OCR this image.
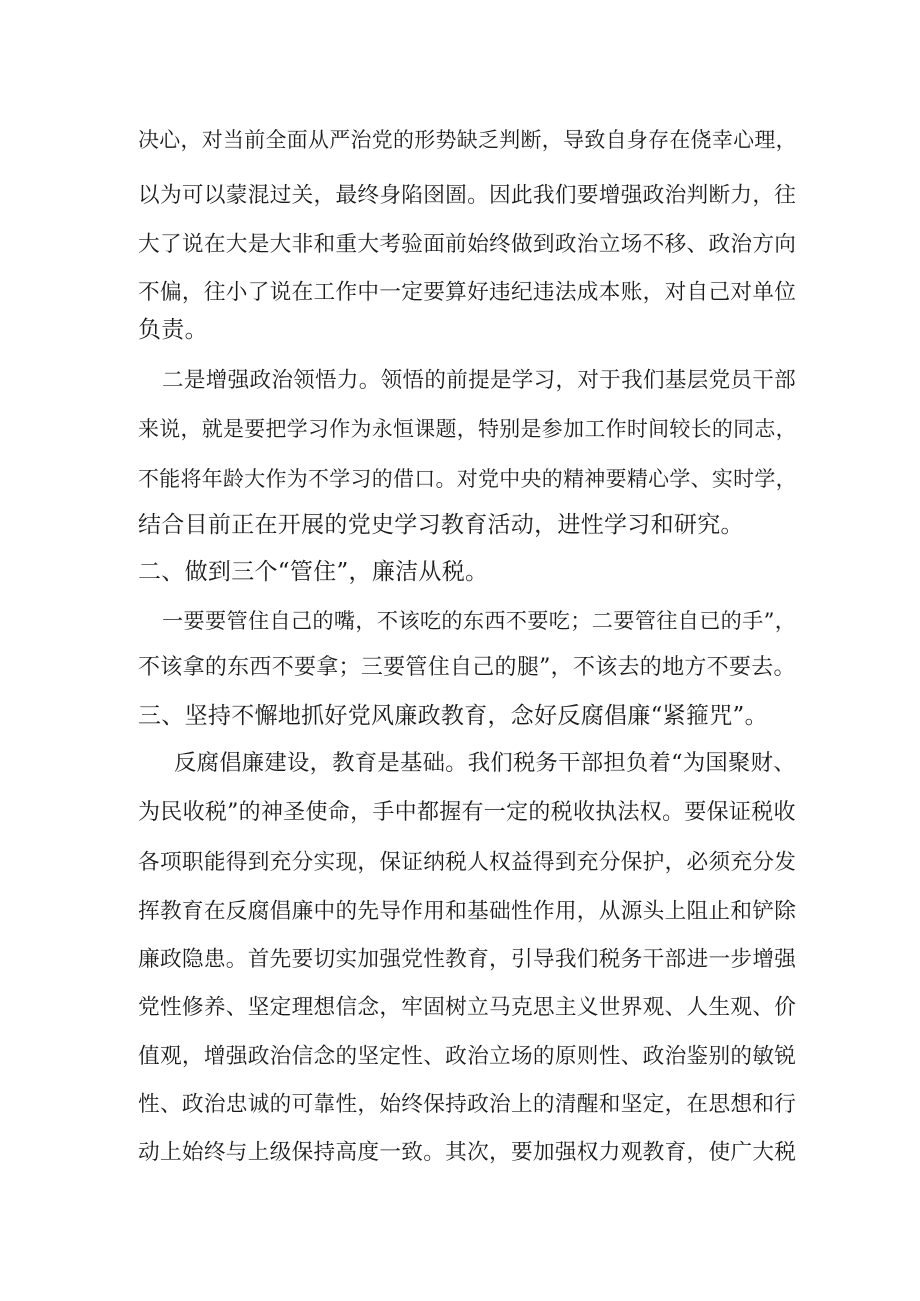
决心，对当前全面从严治党的形势缺乏判断，导致自身存在侥幸心理，
以为可以蒙混过关，最终身陷囹圄。因此我们要增强政治判断力，往
大了说在大是大非和重大考验面前始终做到政治立场不移、政治方向
不偏，往小了说在工作中一定要算好违纪违法成本账，对自己对单位
负责。
二是增强政治领悟力。领悟的前提是学习，对于我们基层党员干部
来说，就是要把学习作为永恒课题，特别是参加工作时间较长的同志，
不能将年龄大作为不学习的借口。对党中央的精神要精心学、实时学，
结合目前正在开展的党史学习教育活动，进性学习和研究。
二、做到三个“管住”，廉洁从税。
一要要管住自己的嘴，不该吃的东西不要吃；二要管往自已的手”，
不该拿的东西不要拿；三要管住自己的腿”，不该去的地方不要去。
三、坚持不懈地抓好党风廉政教育，念好反腐倡廉“紧箍咒”。
反腐倡廉建设，教育是基础。我们税务干部担负着“为国聚财、
为民收税”的神圣使命，手中都握有一定的税收执法权。要保证税收
各项职能得到充分实现，保证纳税人权益得到充分保护，必须充分发
挥教育在反腐倡廉中的先导作用和基础性作用，从源头上阻止和铲除
廉政隐患。首先要切实加强党性教育，引导我们税务干部进一步增强
党性修养、坚定理想信念，牢固树立马克思主义世界观、人生观、价
值观，增强政治信念的坚定性、政治立场的原则性、政治鉴别的敏锐
性、政治忠诚的可靠性，始终保持政治上的清醒和坚定，在思想和行
动上始终与上级保持高度一致。其次，要加强权力观教育，使广大税
